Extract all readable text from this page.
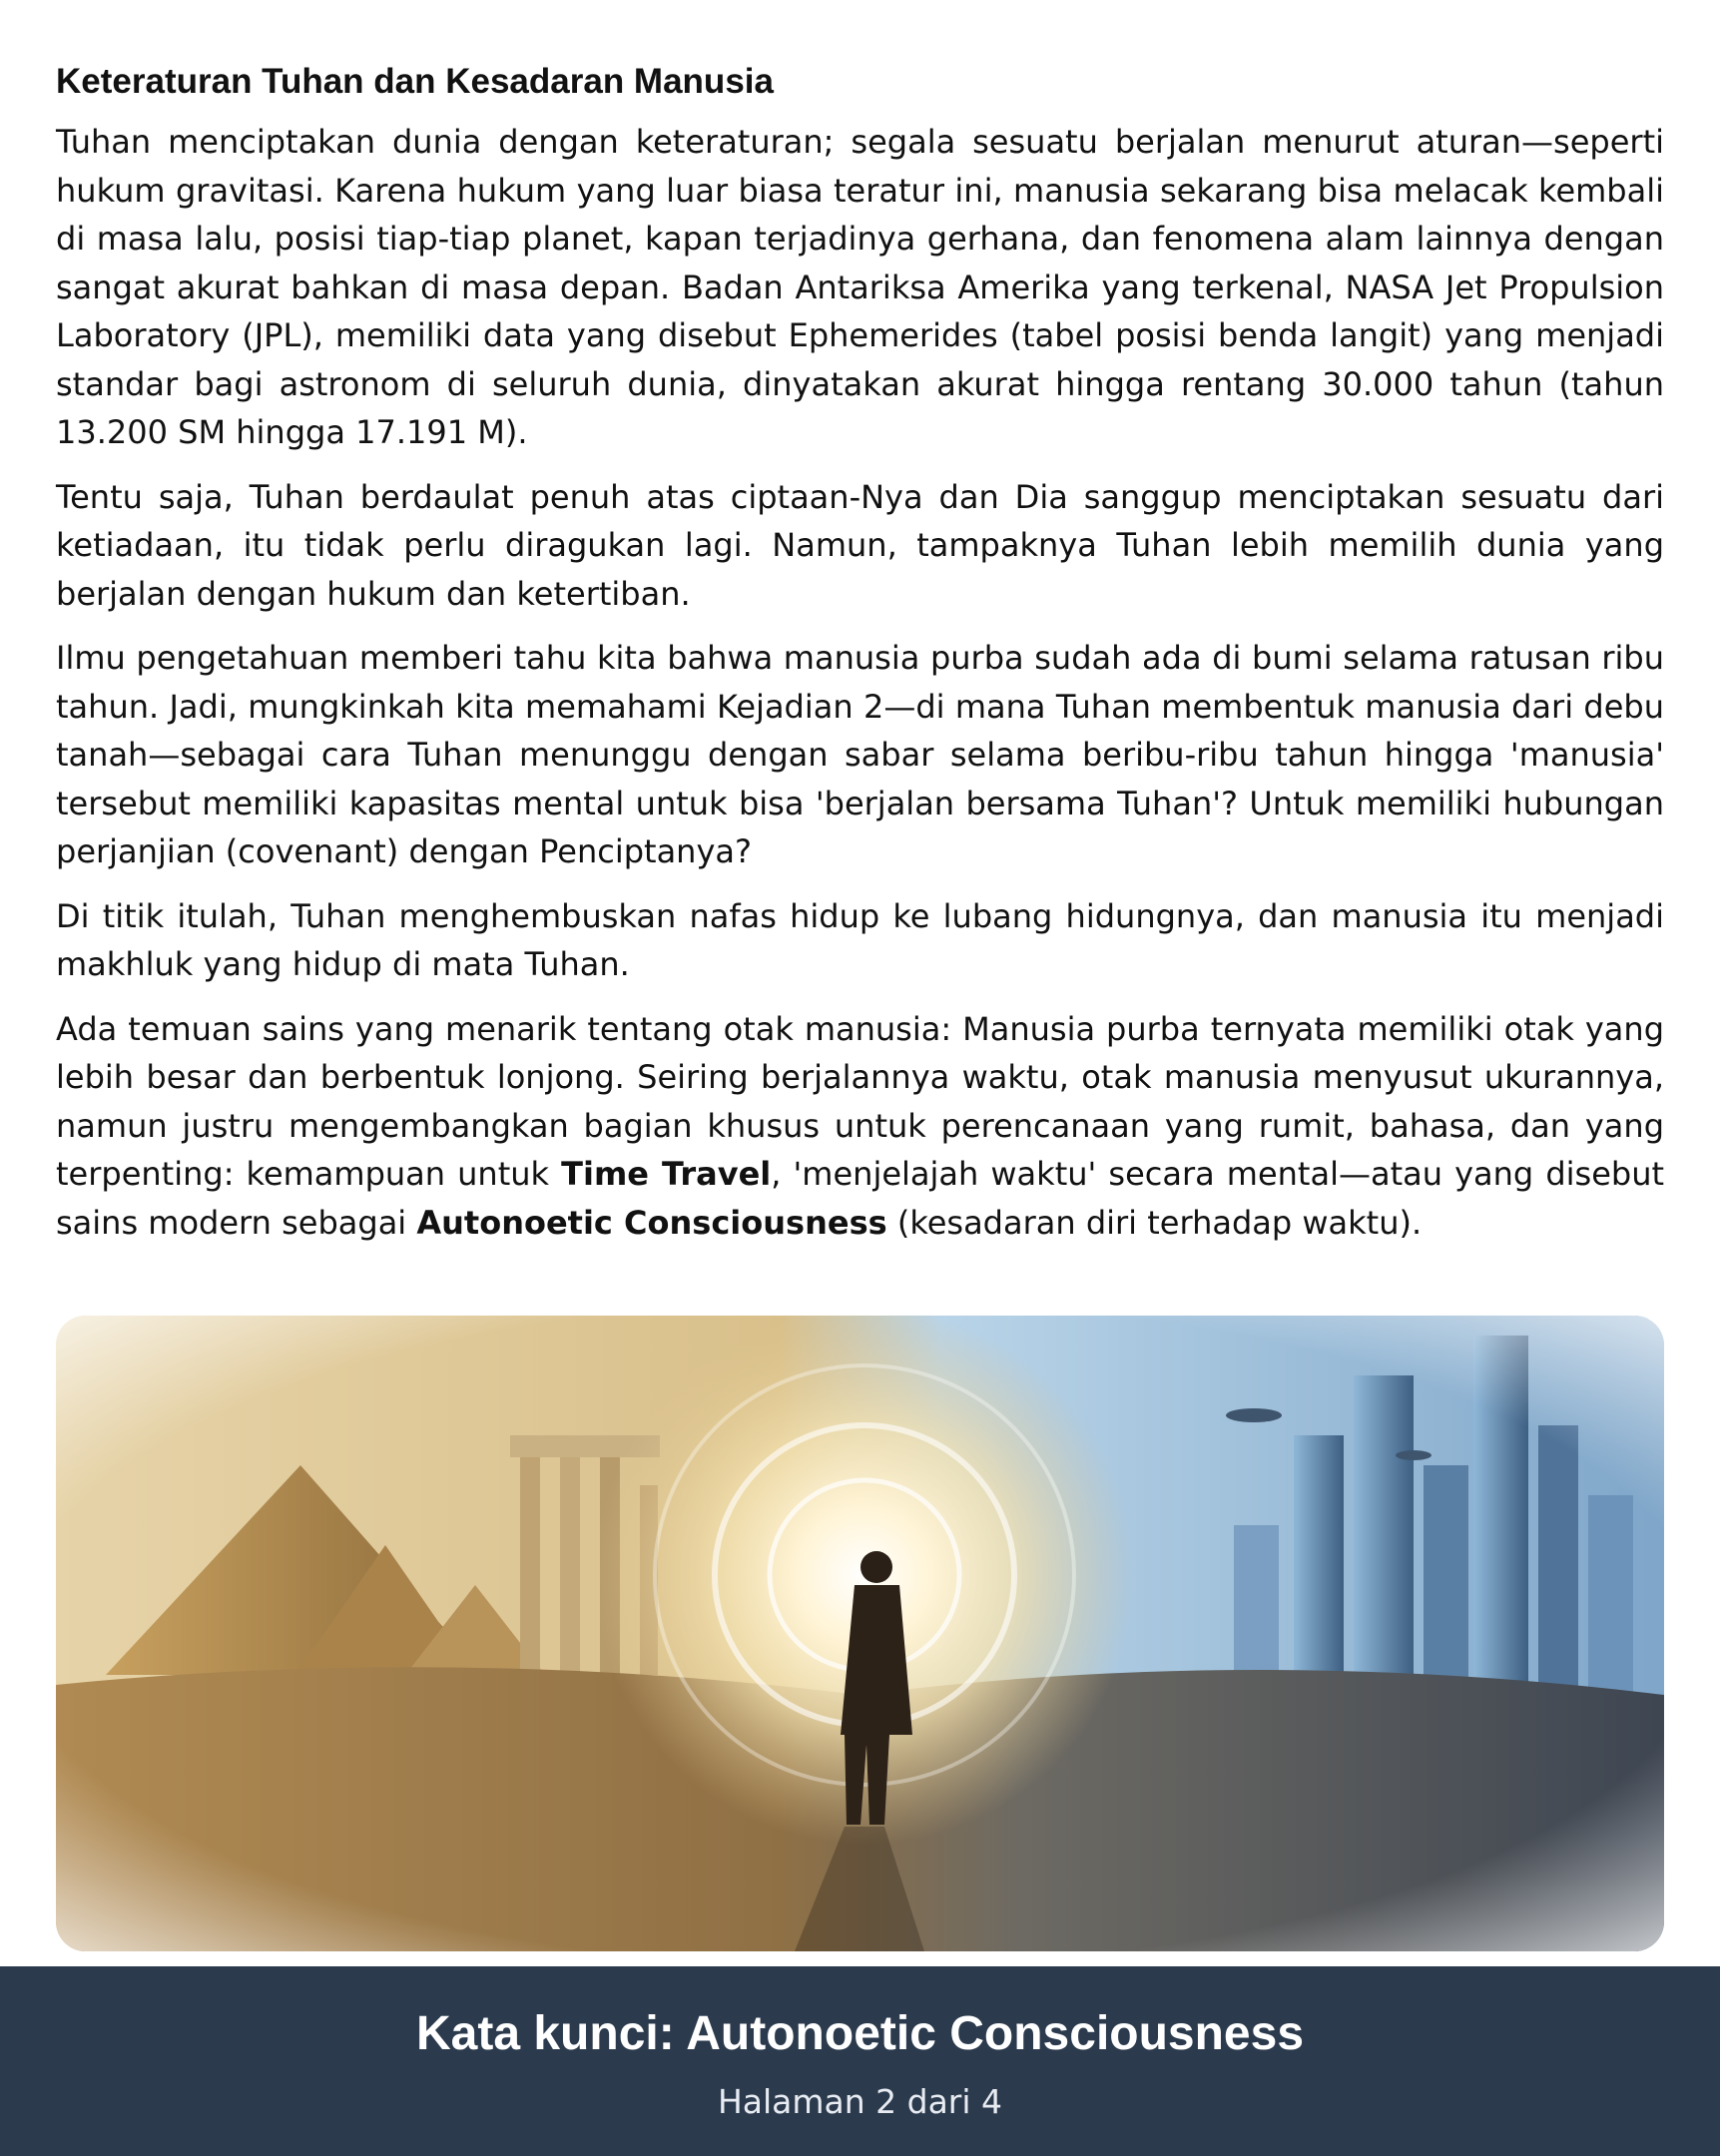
Keteraturan Tuhan dan Kesadaran Manusia

Tuhan menciptakan dunia dengan keteraturan; segala sesuatu berjalan menurut aturan—seperti hukum gravitasi. Karena hukum yang luar biasa teratur ini, manusia sekarang bisa melacak kembali di masa lalu, posisi tiap-tiap planet, kapan terjadinya gerhana, dan fenomena alam lainnya dengan sangat akurat bahkan di masa depan. Badan Antariksa Amerika yang terkenal, NASA Jet Propulsion Laboratory (JPL), memiliki data yang disebut Ephemerides (tabel posisi benda langit) yang menjadi standar bagi astronom di seluruh dunia, dinyatakan akurat hingga rentang 30.000 tahun (tahun 13.200 SM hingga 17.191 M).

Tentu saja, Tuhan berdaulat penuh atas ciptaan-Nya dan Dia sanggup menciptakan sesuatu dari ketiadaan, itu tidak perlu diragukan lagi. Namun, tampaknya Tuhan lebih memilih dunia yang berjalan dengan hukum dan ketertiban.

Ilmu pengetahuan memberi tahu kita bahwa manusia purba sudah ada di bumi selama ratusan ribu tahun. Jadi, mungkinkah kita memahami Kejadian 2—di mana Tuhan membentuk manusia dari debu tanah—sebagai cara Tuhan menunggu dengan sabar selama beribu-ribu tahun hingga 'manusia' tersebut memiliki kapasitas mental untuk bisa 'berjalan bersama Tuhan'? Untuk memiliki hubungan perjanjian (covenant) dengan Penciptanya?

Di titik itulah, Tuhan menghembuskan nafas hidup ke lubang hidungnya, dan manusia itu menjadi makhluk yang hidup di mata Tuhan.

Ada temuan sains yang menarik tentang otak manusia: Manusia purba ternyata memiliki otak yang lebih besar dan berbentuk lonjong. Seiring berjalannya waktu, otak manusia menyusut ukurannya, namun justru mengembangkan bagian khusus untuk perencanaan yang rumit, bahasa, dan yang terpenting: kemampuan untuk Time Travel, 'menjelajah waktu' secara mental—atau yang disebut sains modern sebagai Autonoetic Consciousness (kesadaran diri terhadap waktu).

Kata kunci: Autonoetic Consciousness
Halaman 2 dari 4
